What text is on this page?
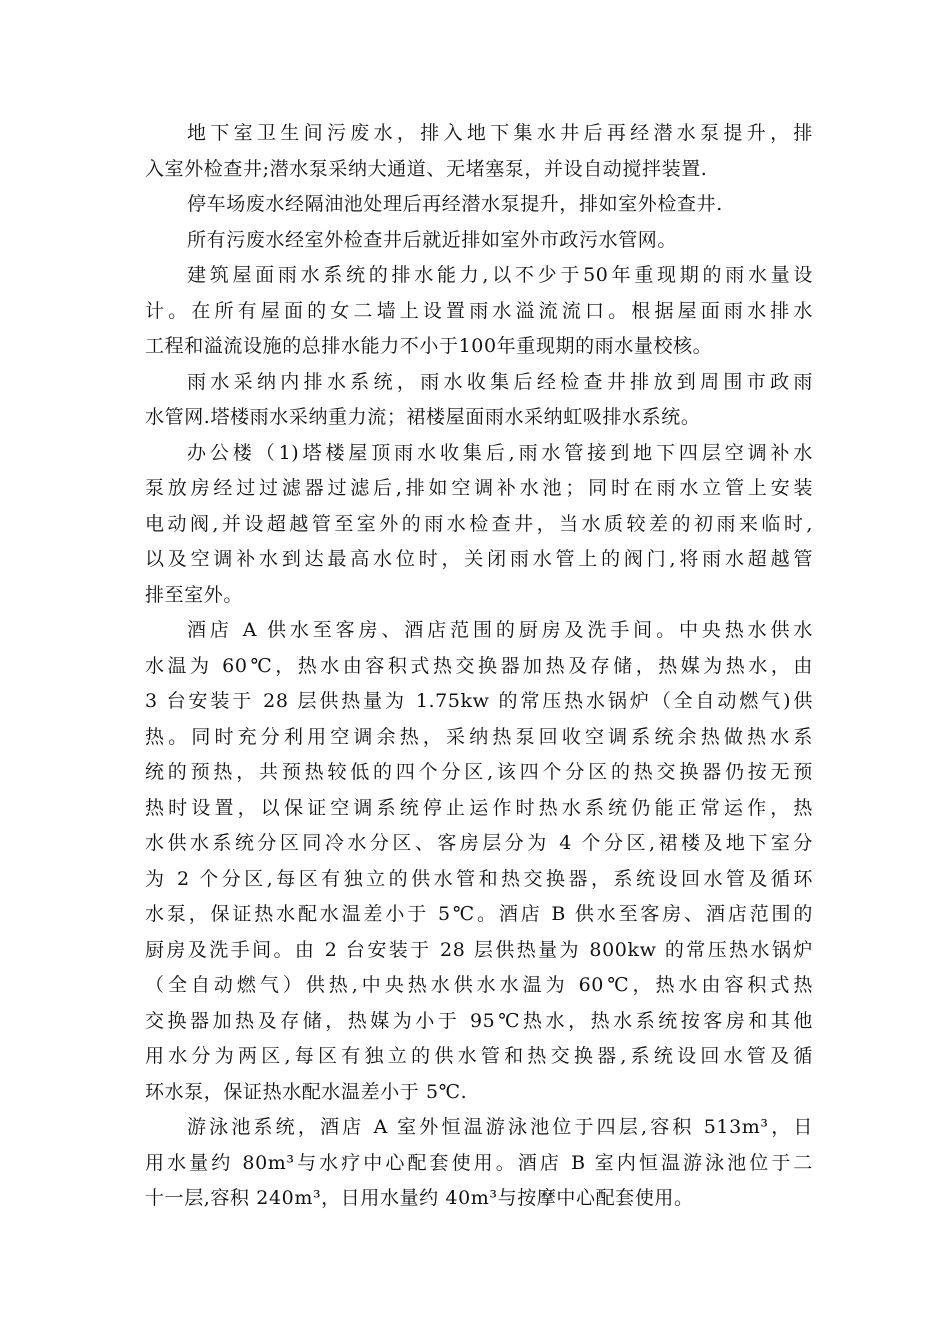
地下室卫生间污废水，排入地下集水井后再经潜水泵提升，排
入室外检查井;潜水泵采纳大通道、无堵塞泵，并设自动搅拌装置.
停车场废水经隔油池处理后再经潜水泵提升，排如室外检查井.
所有污废水经室外检查井后就近排如室外市政污水管网。
建筑屋面雨水系统的排水能力,以不少于50年重现期的雨水量设
计。在所有屋面的女二墙上设置雨水溢流流口。根据屋面雨水排水
工程和溢流设施的总排水能力不小于100年重现期的雨水量校核。
雨水采纳内排水系统，雨水收集后经检查井排放到周围市政雨
水管网.塔楼雨水采纳重力流；裙楼屋面雨水采纳虹吸排水系统。
办公楼（1)塔楼屋顶雨水收集后,雨水管接到地下四层空调补水
泵放房经过过滤器过滤后,排如空调补水池；同时在雨水立管上安装
电动阀,并设超越管至室外的雨水检查井，当水质较差的初雨来临时,
以及空调补水到达最高水位时，关闭雨水管上的阀门,将雨水超越管
排至室外。
酒店 A 供水至客房、酒店范围的厨房及洗手间。中央热水供水
水温为 60℃，热水由容积式热交换器加热及存储，热媒为热水，由
3 台安装于 28 层供热量为 1.75kw 的常压热水锅炉（全自动燃气)供
热。同时充分利用空调余热，采纳热泵回收空调系统余热做热水系
统的预热，共预热较低的四个分区,该四个分区的热交换器仍按无预
热时设置，以保证空调系统停止运作时热水系统仍能正常运作，热
水供水系统分区同冷水分区、客房层分为 4 个分区,裙楼及地下室分
为 2 个分区,每区有独立的供水管和热交换器，系统设回水管及循环
水泵，保证热水配水温差小于 5℃。酒店 B 供水至客房、酒店范围的
厨房及洗手间。由 2 台安装于 28 层供热量为 800kw 的常压热水锅炉
（全自动燃气）供热,中央热水供水水温为 60℃，热水由容积式热
交换器加热及存储，热媒为小于 95℃热水，热水系统按客房和其他
用水分为两区,每区有独立的供水管和热交换器,系统设回水管及循
环水泵，保证热水配水温差小于 5℃.
游泳池系统，酒店 A 室外恒温游泳池位于四层,容积 513m³，日
用水量约 80m³与水疗中心配套使用。酒店 B 室内恒温游泳池位于二
十一层,容积 240m³，日用水量约 40m³与按摩中心配套使用。
